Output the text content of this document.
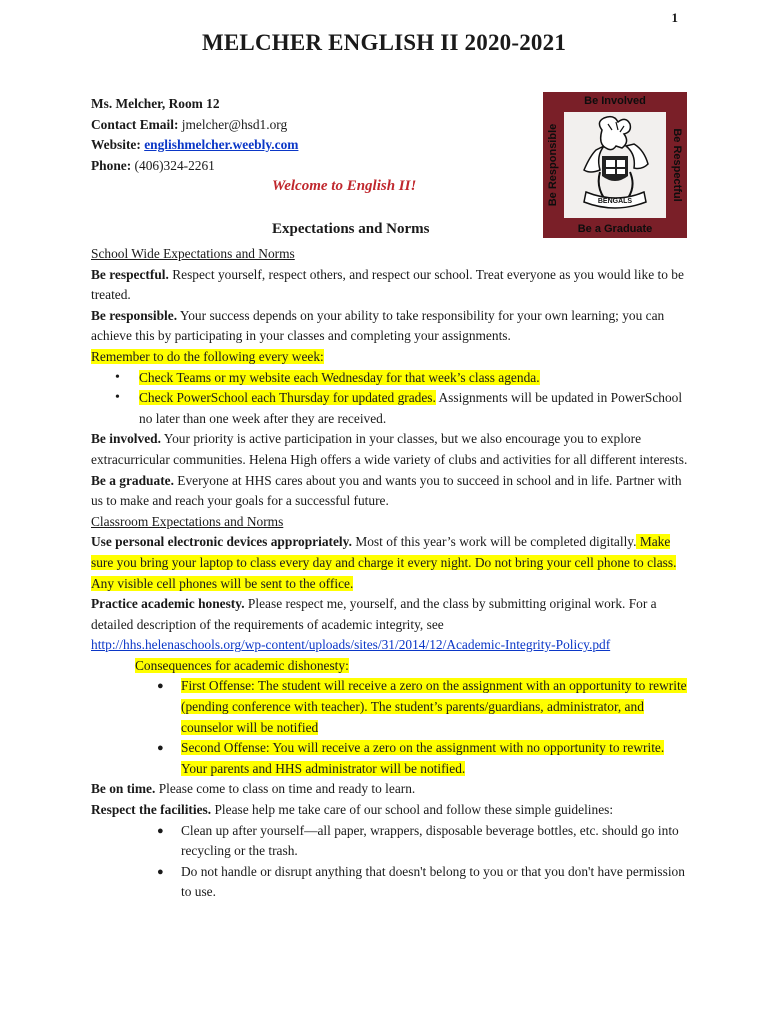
1
MELCHER ENGLISH II 2020-2021
Ms. Melcher, Room 12
Contact Email: jmelcher@hsd1.org
Website: englishmelcher.weebly.com
Phone: (406)324-2261
Be Involved
Be Responsible	Be Respectful
Be a Graduate
BENGALS
Welcome to English II!
Expectations and Norms

School Wide Expectations and Norms

Be respectful. Respect yourself, respect others, and respect our school. Treat everyone as you would like to be treated.

Be responsible. Your success depends on your ability to take responsibility for your own learning; you can achieve this by participating in your classes and completing your assignments.

Remember to do the following every week:

• Check Teams or my website each Wednesday for that week’s class agenda.
• Check PowerSchool each Thursday for updated grades. Assignments will be updated in PowerSchool no later than one week after they are received.

Be involved. Your priority is active participation in your classes, but we also encourage you to explore extracurricular communities. Helena High offers a wide variety of clubs and activities for all different interests.

Be a graduate. Everyone at HHS cares about you and wants you to succeed in school and in life. Partner with us to make and reach your goals for a successful future.

Classroom Expectations and Norms

Use personal electronic devices appropriately. Most of this year’s work will be completed digitally. Make sure you bring your laptop to class every day and charge it every night. Do not bring your cell phone to class. Any visible cell phones will be sent to the office.

Practice academic honesty. Please respect me, yourself, and the class by submitting original work. For a detailed description of the requirements of academic integrity, see

http://hhs.helenaschools.org/wp-content/uploads/sites/31/2014/12/Academic-Integrity-Policy.pdf

Consequences for academic dishonesty:

● First Offense: The student will receive a zero on the assignment with an opportunity to rewrite (pending conference with teacher). The student’s parents/guardians, administrator, and counselor will be notified
● Second Offense: You will receive a zero on the assignment with no opportunity to rewrite. Your parents and HHS administrator will be notified.

Be on time. Please come to class on time and ready to learn.

Respect the facilities. Please help me take care of our school and follow these simple guidelines:

● Clean up after yourself—all paper, wrappers, disposable beverage bottles, etc. should go into recycling or the trash.
● Do not handle or disrupt anything that doesn't belong to you or that you don't have permission to use.
